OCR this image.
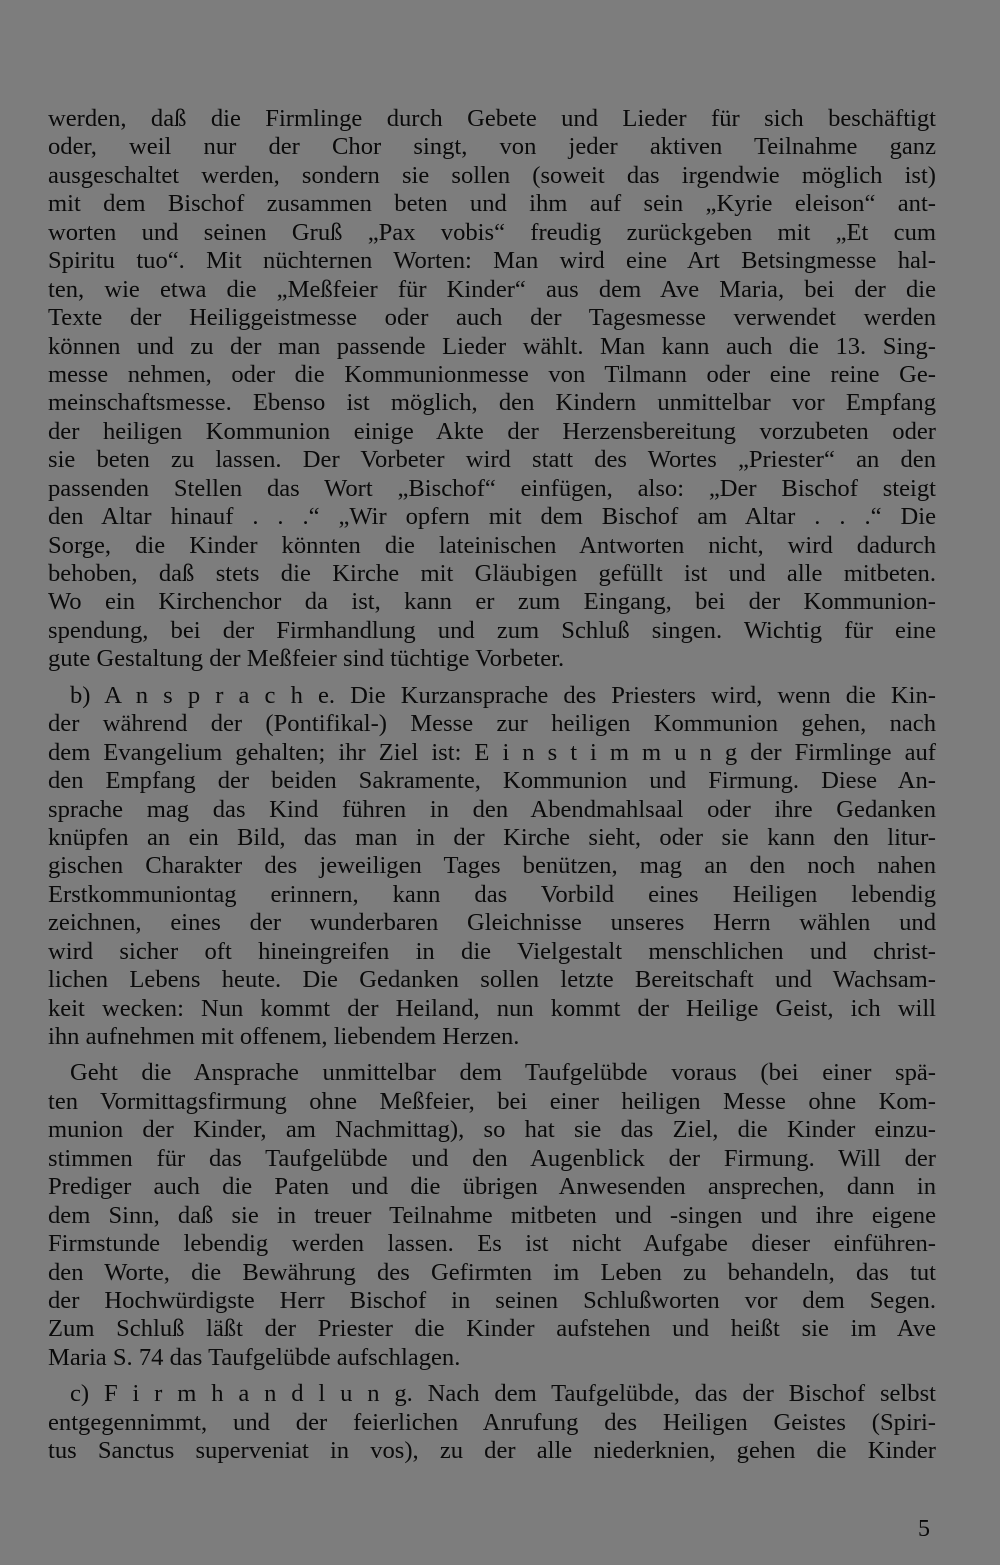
werden, daß die Firmlinge durch Gebete und Lieder für sich beschäftigt
oder, weil nur der Chor singt, von jeder aktiven Teilnahme ganz
ausgeschaltet werden, sondern sie sollen (soweit das irgendwie möglich ist)
mit dem Bischof zusammen beten und ihm auf sein „Kyrie eleison“ ant-
worten und seinen Gruß „Pax vobis“ freudig zurückgeben mit „Et cum
Spiritu tuo“. Mit nüchternen Worten: Man wird eine Art Betsingmesse hal-
ten, wie etwa die „Meßfeier für Kinder“ aus dem Ave Maria, bei der die
Texte der Heiliggeistmesse oder auch der Tagesmesse verwendet werden
können und zu der man passende Lieder wählt. Man kann auch die 13. Sing-
messe nehmen, oder die Kommunionmesse von Tilmann oder eine reine Ge-
meinschaftsmesse. Ebenso ist möglich, den Kindern unmittelbar vor Empfang
der heiligen Kommunion einige Akte der Herzensbereitung vorzubeten oder
sie beten zu lassen. Der Vorbeter wird statt des Wortes „Priester“ an den
passenden Stellen das Wort „Bischof“ einfügen, also: „Der Bischof steigt
den Altar hinauf . . .“ „Wir opfern mit dem Bischof am Altar . . .“ Die
Sorge, die Kinder könnten die lateinischen Antworten nicht, wird dadurch
behoben, daß stets die Kirche mit Gläubigen gefüllt ist und alle mitbeten.
Wo ein Kirchenchor da ist, kann er zum Eingang, bei der Kommunion-
spendung, bei der Firmhandlung und zum Schluß singen. Wichtig für eine
gute Gestaltung der Meßfeier sind tüchtige Vorbeter.
b) A n s p r a c h e. Die Kurzansprache des Priesters wird, wenn die Kin-
der während der (Pontifikal-) Messe zur heiligen Kommunion gehen, nach
dem Evangelium gehalten; ihr Ziel ist: E i n s t i m m u n g der Firmlinge auf
den Empfang der beiden Sakramente, Kommunion und Firmung. Diese An-
sprache mag das Kind führen in den Abendmahlsaal oder ihre Gedanken
knüpfen an ein Bild, das man in der Kirche sieht, oder sie kann den litur-
gischen Charakter des jeweiligen Tages benützen, mag an den noch nahen
Erstkommuniontag erinnern, kann das Vorbild eines Heiligen lebendig
zeichnen, eines der wunderbaren Gleichnisse unseres Herrn wählen und
wird sicher oft hineingreifen in die Vielgestalt menschlichen und christ-
lichen Lebens heute. Die Gedanken sollen letzte Bereitschaft und Wachsam-
keit wecken: Nun kommt der Heiland, nun kommt der Heilige Geist, ich will
ihn aufnehmen mit offenem, liebendem Herzen.
Geht die Ansprache unmittelbar dem Taufgelübde voraus (bei einer spä-
ten Vormittagsfirmung ohne Meßfeier, bei einer heiligen Messe ohne Kom-
munion der Kinder, am Nachmittag), so hat sie das Ziel, die Kinder einzu-
stimmen für das Taufgelübde und den Augenblick der Firmung. Will der
Prediger auch die Paten und die übrigen Anwesenden ansprechen, dann in
dem Sinn, daß sie in treuer Teilnahme mitbeten und -singen und ihre eigene
Firmstunde lebendig werden lassen. Es ist nicht Aufgabe dieser einführen-
den Worte, die Bewährung des Gefirmten im Leben zu behandeln, das tut
der Hochwürdigste Herr Bischof in seinen Schlußworten vor dem Segen.
Zum Schluß läßt der Priester die Kinder aufstehen und heißt sie im Ave
Maria S. 74 das Taufgelübde aufschlagen.
c) F i r m h a n d l u n g. Nach dem Taufgelübde, das der Bischof selbst
entgegennimmt, und der feierlichen Anrufung des Heiligen Geistes (Spiri-
tus Sanctus superveniat in vos), zu der alle niederknien, gehen die Kinder
5
